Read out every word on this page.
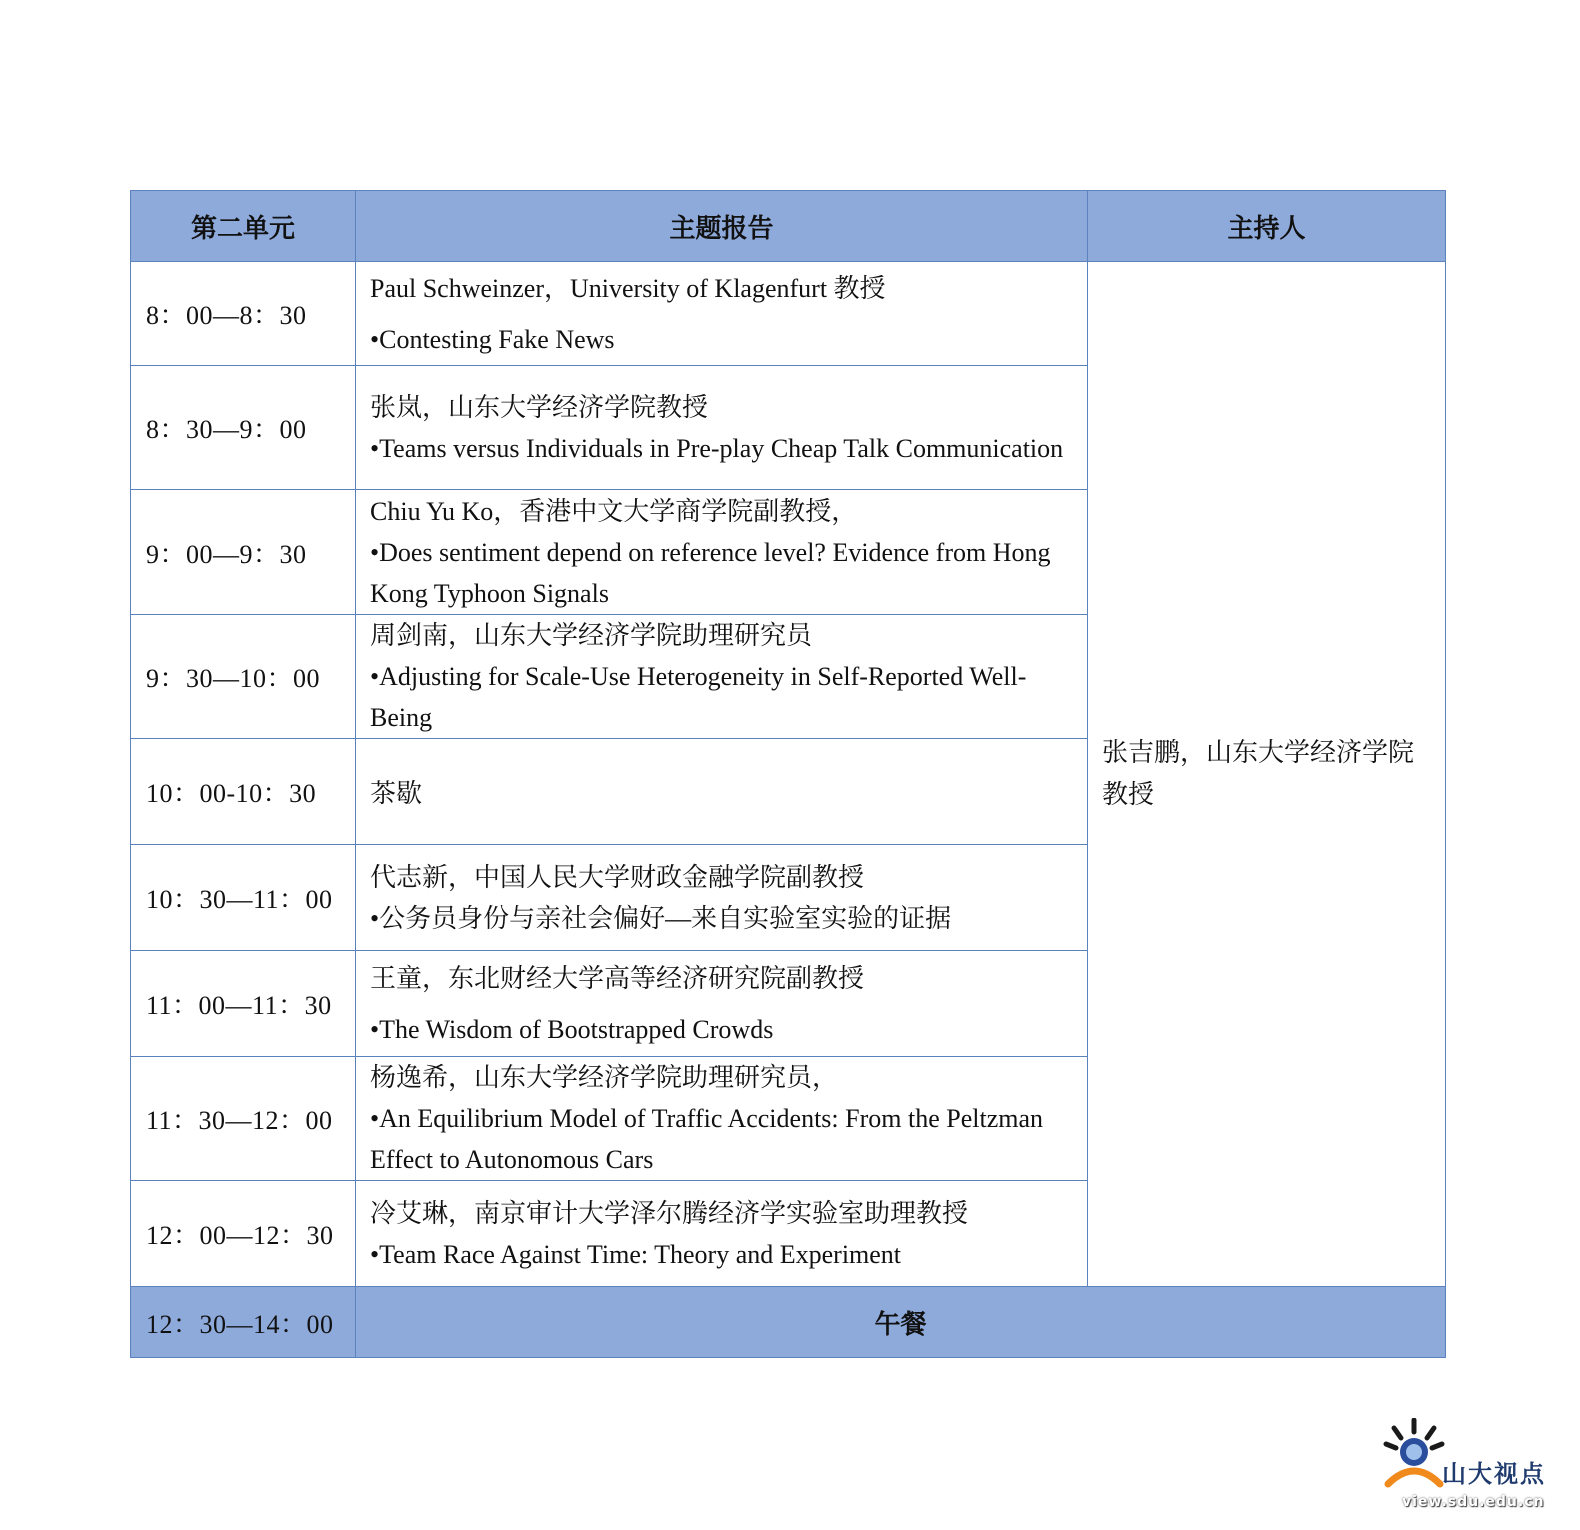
第二单元	主题报告	主持人
8：00—8：30	Paul Schweinzer，University of Klagenfurt 教授

•Contesting Fake News	张吉鹏，山东大学经济学院教授
8：30—9：00	张岚，山东大学经济学院教授
•Teams versus Individuals in Pre-play Cheap Talk Communication	

9：00—9：30	Chiu Yu Ko，香港中文大学商学院副教授，
•Does sentiment depend on reference level? Evidence from Hong Kong Typhoon Signals	

9：30—10：00	周剑南，山东大学经济学院助理研究员
•Adjusting for Scale-Use Heterogeneity in Self-Reported Well-Being	

10：00-10：30	茶歇	
10：30—11：00	代志新，中国人民大学财政金融学院副教授
•公务员身份与亲社会偏好—来自实验室实验的证据	

11：00—11：30	王童，东北财经大学高等经济研究院副教授

•The Wisdom of Bootstrapped Crowds	

11：30—12：00	杨逸希，山东大学经济学院助理研究员，
•An Equilibrium Model of Traffic Accidents: From the Peltzman Effect to Autonomous Cars	

12：00—12：30	冷艾琳，南京审计大学泽尔腾经济学实验室助理教授
•Team Race Against Time: Theory and Experiment	

12：30—14：00	午餐	
山大视点
view.sdu.edu.cn
